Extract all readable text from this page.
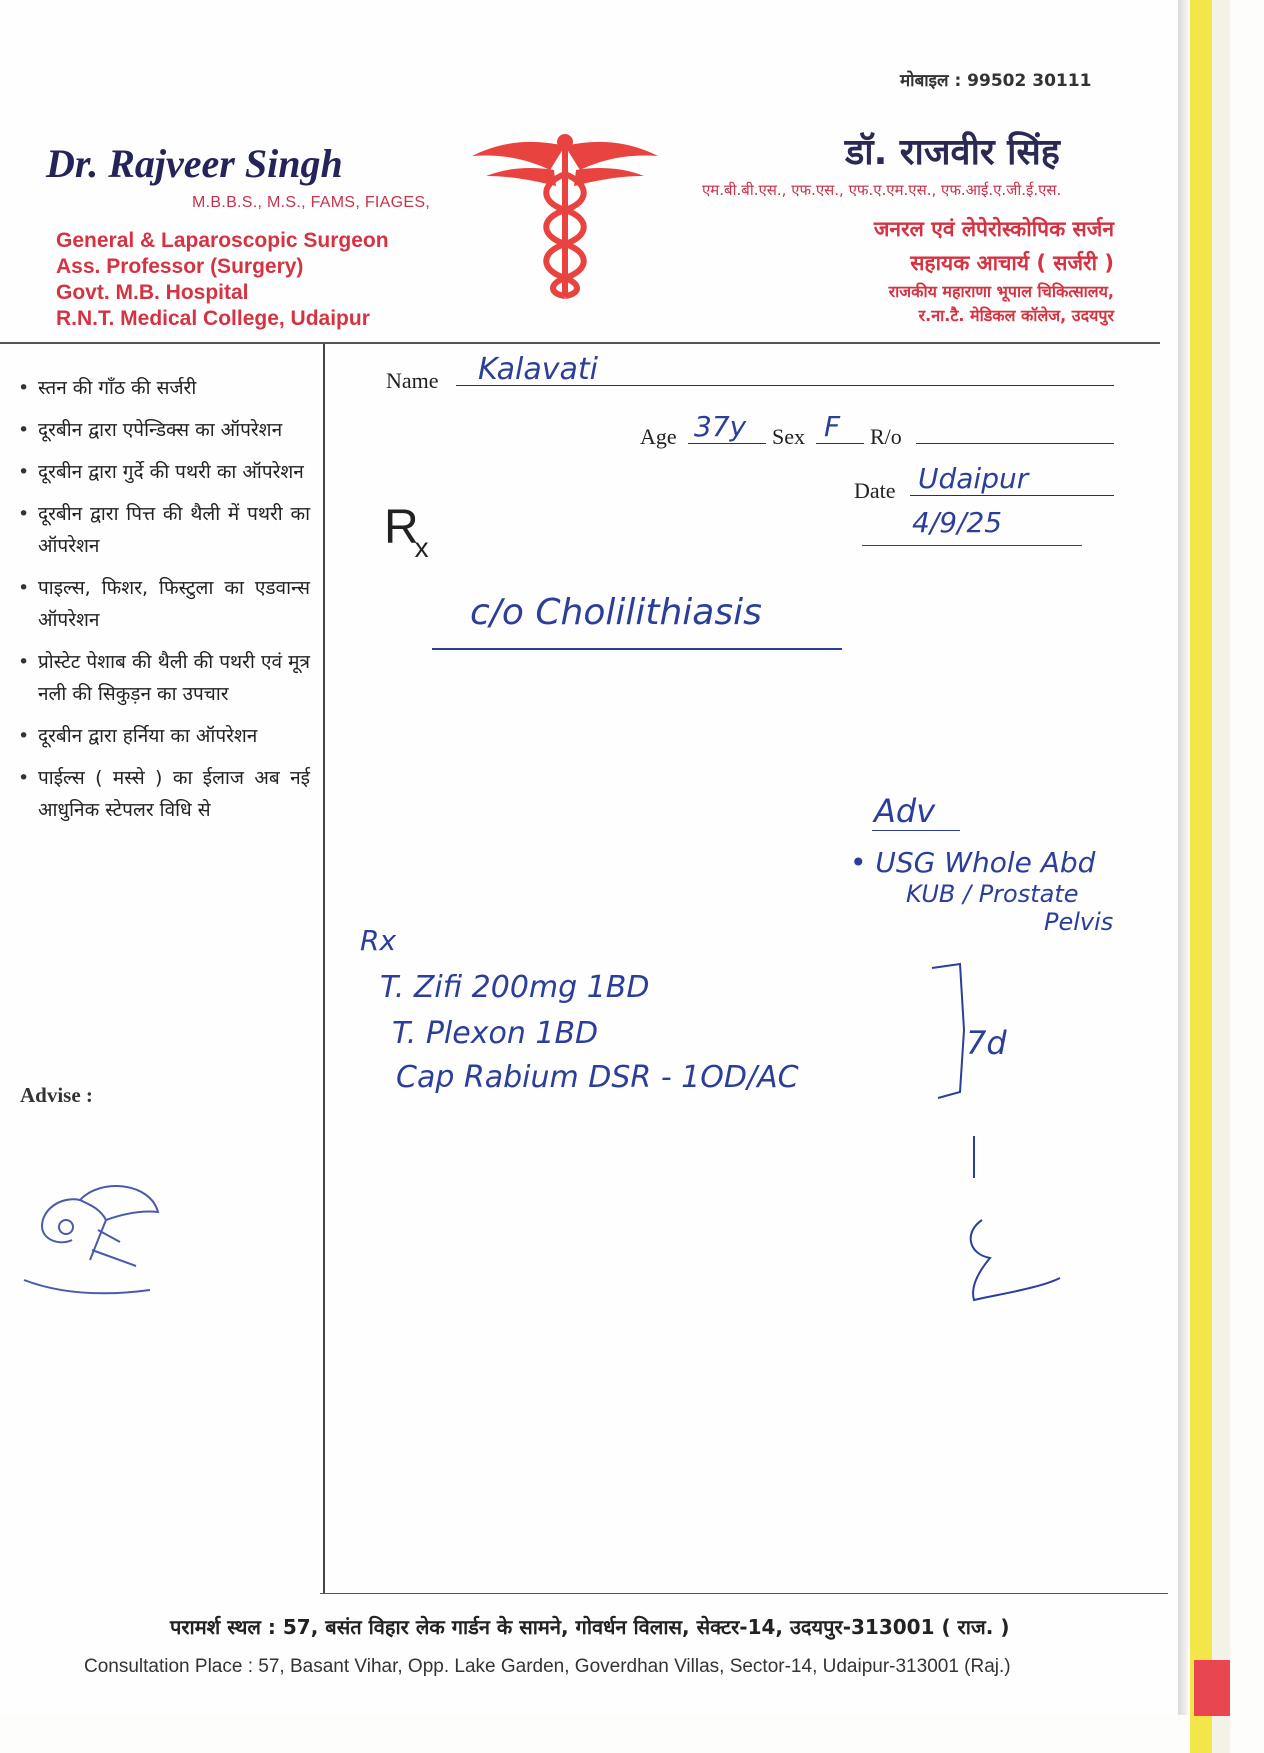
मोबाइल : 99502 30111
Dr. Rajveer Singh
M.B.B.S., M.S., FAMS, FIAGES,
General & Laparoscopic Surgeon
Ass. Professor (Surgery)
Govt. M.B. Hospital
R.N.T. Medical College, Udaipur
डॉ. राजवीर सिंह
एम.बी.बी.एस., एफ.एस., एफ.ए.एम.एस., एफ.आई.ए.जी.ई.एस.
जनरल एवं लेपेरोस्कोपिक सर्जन
सहायक आचार्य ( सर्जरी )
राजकीय महाराणा भूपाल चिकित्सालय,
र.ना.टै. मेडिकल कॉलेज, उदयपुर
• स्तन की गाँठ की सर्जरी
• दूरबीन द्वारा एपेन्डिक्स का ऑपरेशन
• दूरबीन द्वारा गुर्दे की पथरी का ऑपरेशन
• दूरबीन द्वारा पित्त की थैली में पथरी का ऑपरेशन
• पाइल्स, फिशर, फिस्टुला का एडवान्स ऑपरेशन
• प्रोस्टेट पेशाब की थैली की पथरी एवं मूत्र नली की सिकुड़न का उपचार
• दूरबीन द्वारा हर्निया का ऑपरेशन
• पाईल्स ( मस्से ) का ईलाज अब नई आधुनिक स्टेपलर विधि से
Advise :
Name Kalavati
Age 37y Sex F R/o
Date Udaipur
4/9/25
$R_x$
c/o Cholilithiasis
Adv
• USG Whole Abd
KUB / Prostate
Pelvis
Rx
T. Zifi 200mg 1BD
T. Plexon 1BD
Cap Rabium DSR - 1OD/AC
7d
परामर्श स्थल : 57, बसंत विहार लेक गार्डन के सामने, गोवर्धन विलास, सेक्टर-14, उदयपुर-313001 ( राज. )
Consultation Place : 57, Basant Vihar, Opp. Lake Garden, Goverdhan Villas, Sector-14, Udaipur-313001 (Raj.)
